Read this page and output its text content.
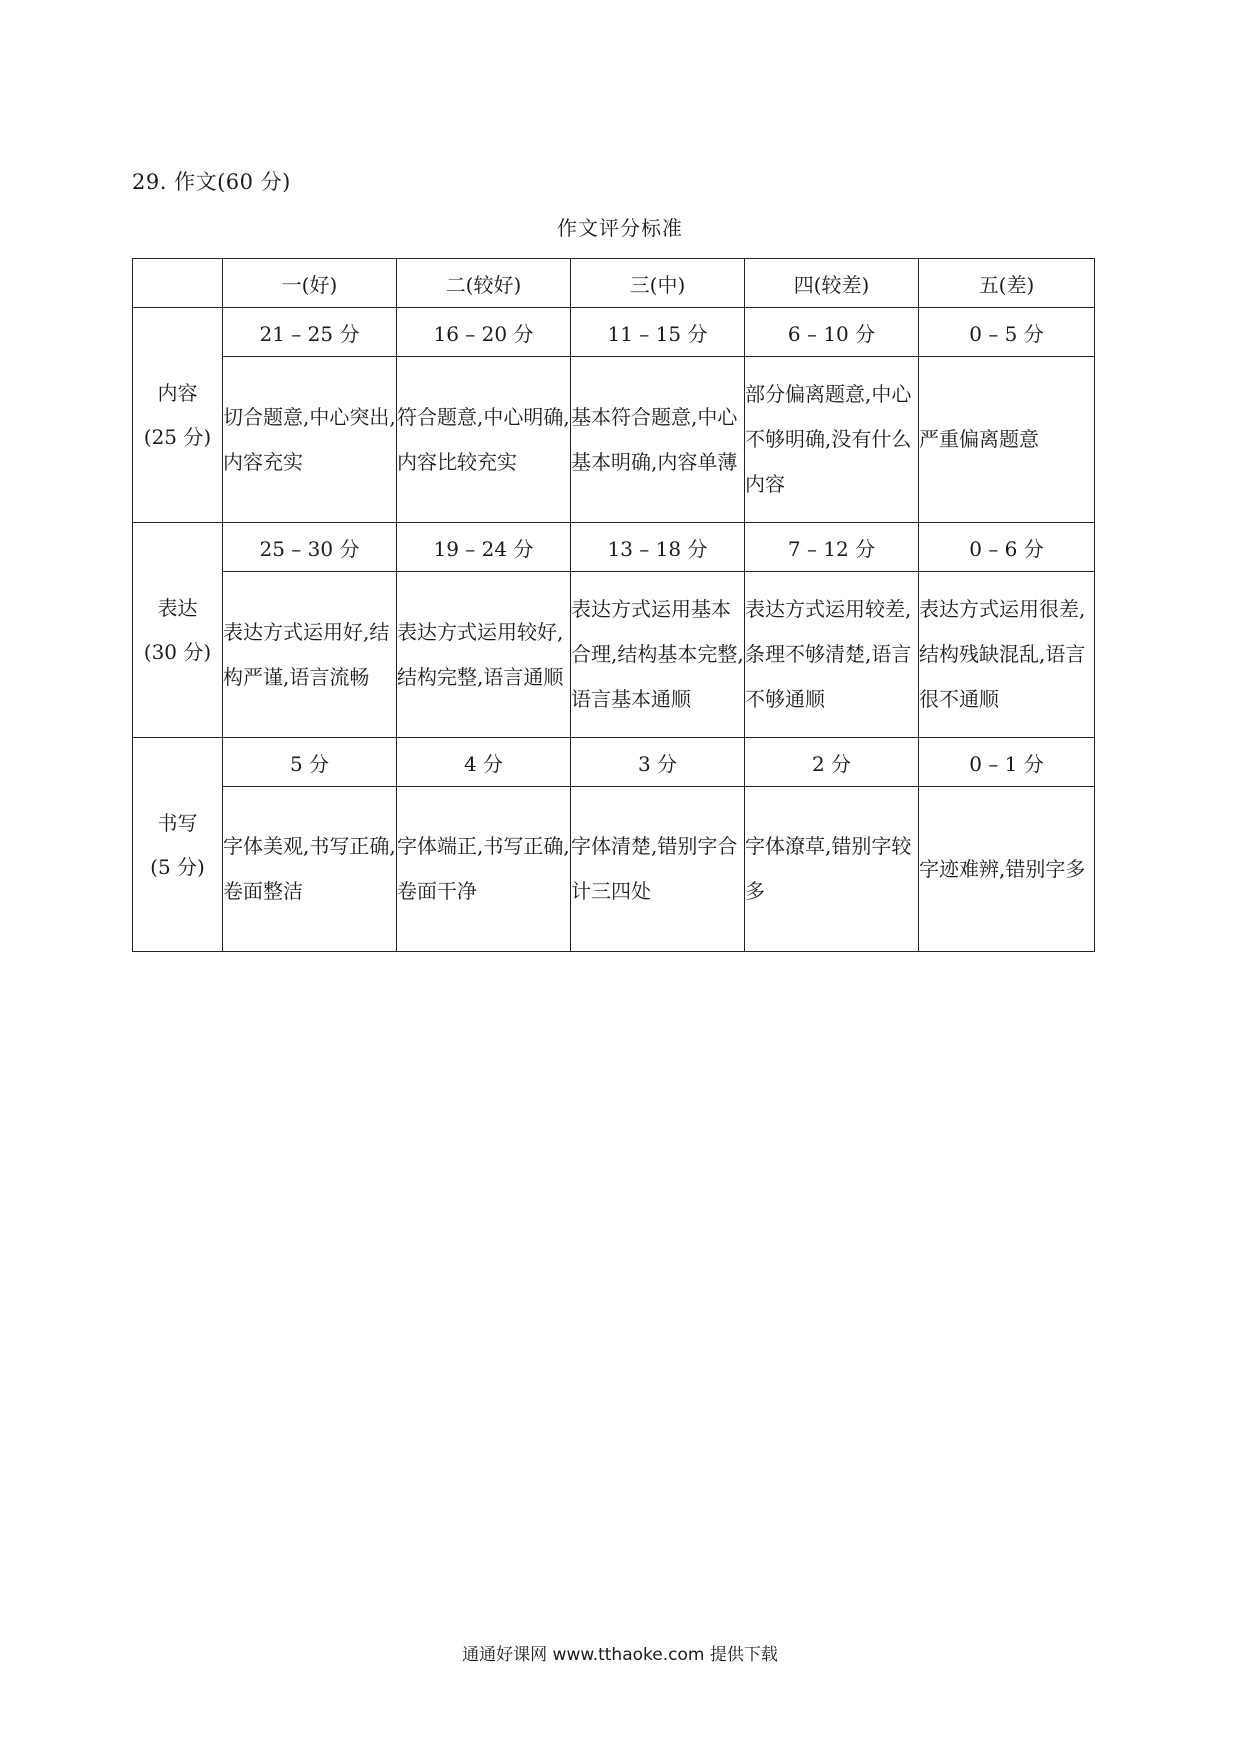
29. 作文(60 分)
作文评分标准
	一(好)	二(较好)	三(中)	四(较差)	五(差)

内容
(25 分)	21 – 25 分	16 – 20 分	11 – 15 分	6 – 10 分	0 – 5 分
	切合题意,中心突出,内容充实	符合题意,中心明确,内容比较充实	基本符合题意,中心基本明确,内容单薄	部分偏离题意,中心不够明确,没有什么内容	严重偏离题意

表达
(30 分)	25 – 30 分	19 – 24 分	13 – 18 分	7 – 12 分	0 – 6 分
	表达方式运用好,结构严谨,语言流畅	表达方式运用较好,结构完整,语言通顺	表达方式运用基本合理,结构基本完整,语言基本通顺	表达方式运用较差,条理不够清楚,语言不够通顺	表达方式运用很差,结构残缺混乱,语言很不通顺

书写
(5 分)	5 分	4 分	3 分	2 分	0 – 1 分
	字体美观,书写正确,卷面整洁	字体端正,书写正确,卷面干净	字体清楚,错别字合计三四处	字体潦草,错别字较多	字迹难辨,错别字多
通通好课网 www.tthaoke.com 提供下载
